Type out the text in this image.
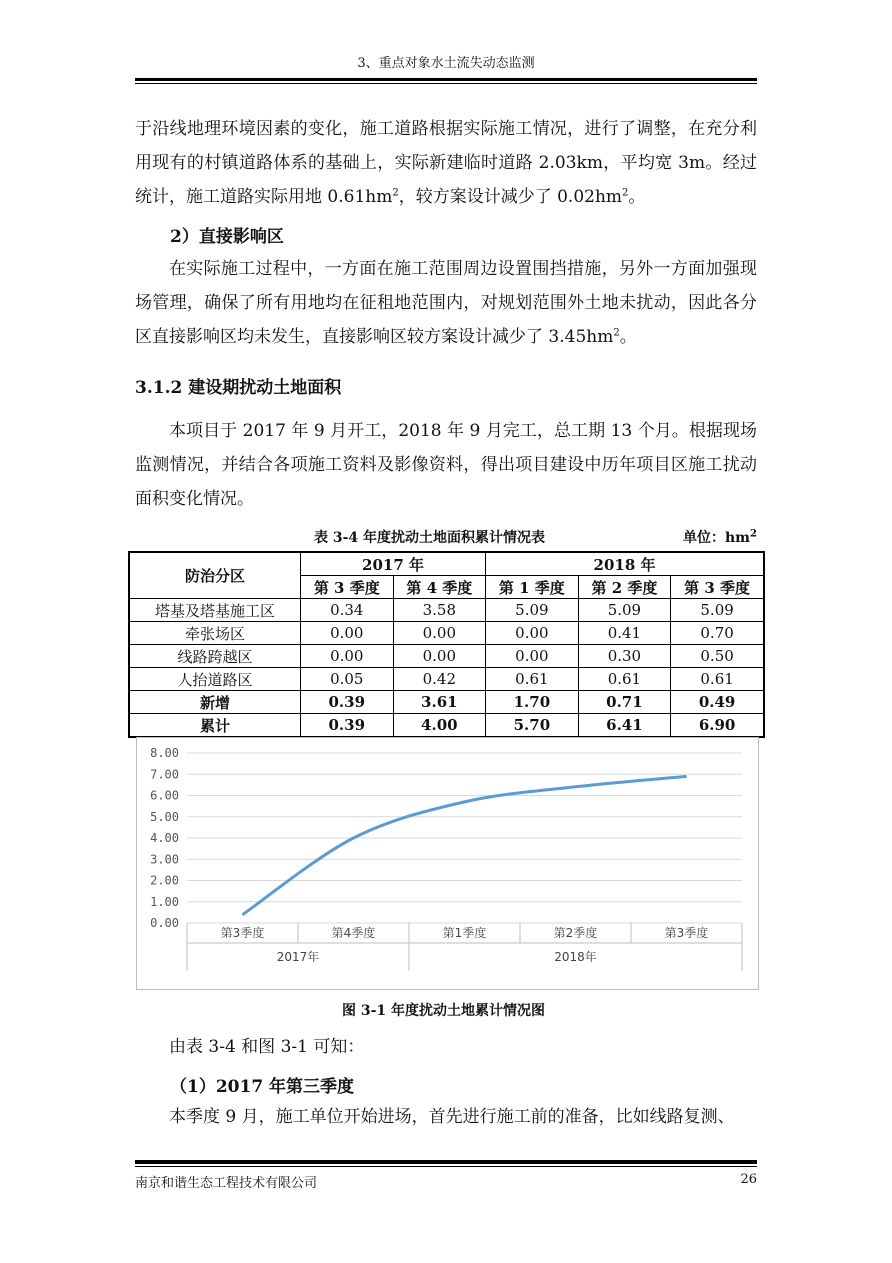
3、重点对象水土流失动态监测

于沿线地理环境因素的变化，施工道路根据实际施工情况，进行了调整，在充分利用现有的村镇道路体系的基础上，实际新建临时道路 2.03km，平均宽 3m。经过统计，施工道路实际用地 $0.61hm^2$，较方案设计减少了 $0.02hm^2$。

2）直接影响区

在实际施工过程中，一方面在施工范围周边设置围挡措施，另外一方面加强现场管理，确保了所有用地均在征租地范围内，对规划范围外土地未扰动，因此各分区直接影响区均未发生，直接影响区较方案设计减少了 $3.45hm^2$。

3.1.2 建设期扰动土地面积

本项目于 2017 年 9 月开工，2018 年 9 月完工，总工期 13 个月。根据现场监测情况，并结合各项施工资料及影像资料，得出项目建设中历年项目区施工扰动面积变化情况。

表 3-4 年度扰动土地面积累计情况表	单位：$hm^2$
防治分区	2017 年		2018 年		
	第 3 季度	第 4 季度	第 1 季度	第 2 季度	第 3 季度
塔基及塔基施工区	0.34	3.58	5.09	5.09	5.09
牵张场区	0.00	0.00	0.00	0.41	0.70
线路跨越区	0.00	0.00	0.00	0.30	0.50
人抬道路区	0.05	0.42	0.61	0.61	0.61
新增	0.39	3.61	1.70	0.71	0.49
累计	0.39	4.00	5.70	6.41	6.90
0.00
1.00
2.00
3.00
4.00
5.00
6.00
7.00
8.00
第3季度	第4季度	第1季度	第2季度	第3季度
2017年	2018年
图 3-1 年度扰动土地累计情况图

由表 3-4 和图 3-1 可知：

（1）2017 年第三季度

本季度 9 月，施工单位开始进场，首先进行施工前的准备，比如线路复测、

南京和谐生态工程技术有限公司	26
